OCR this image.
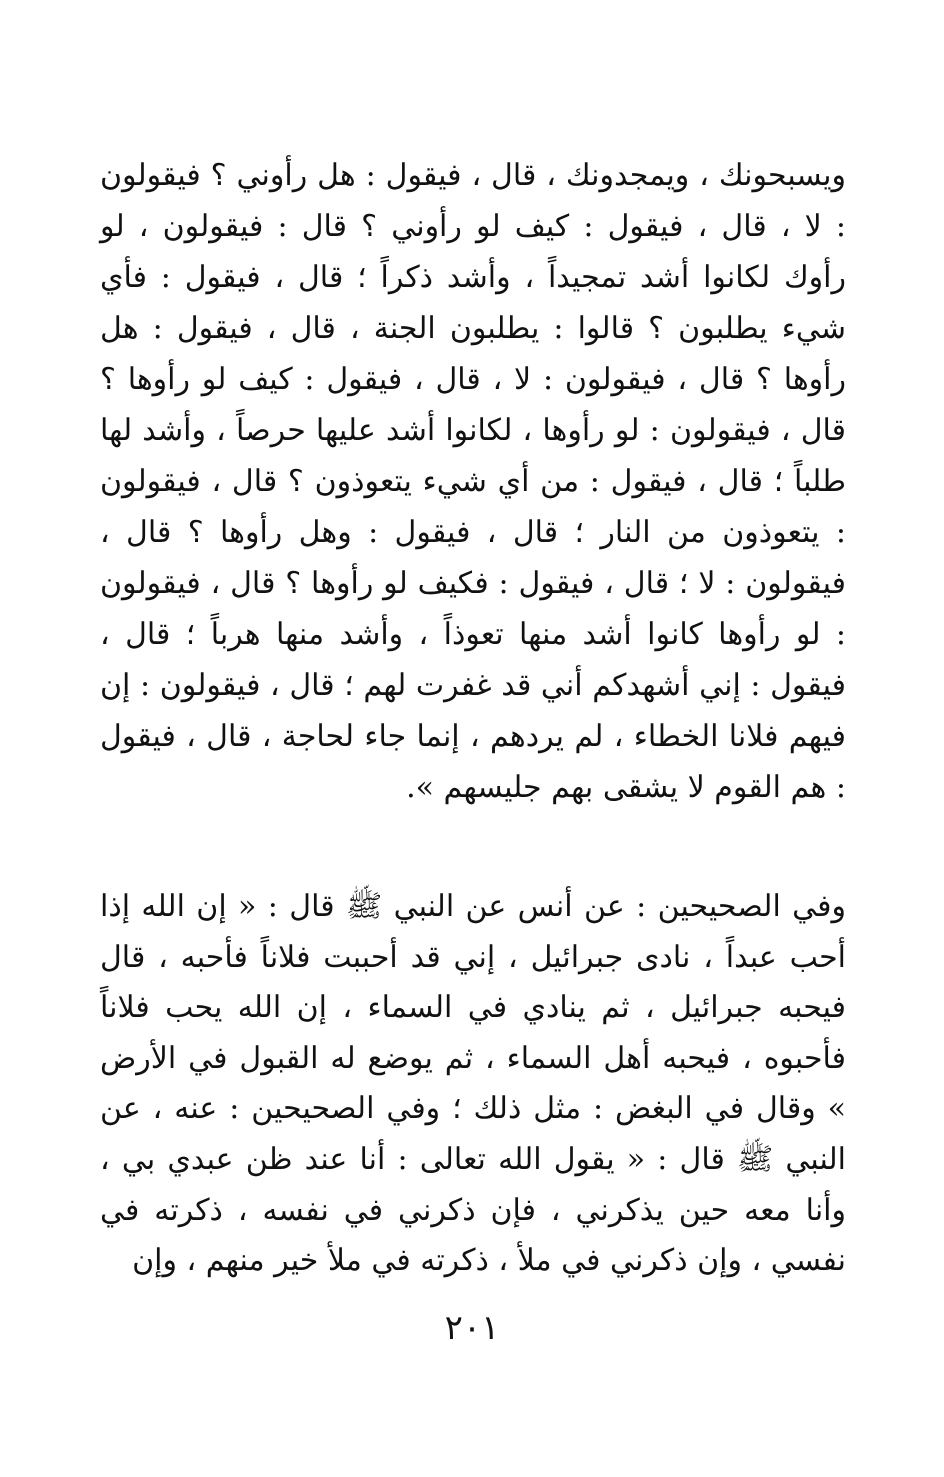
ويسبحونك ، ويمجدونك ، قال ، فيقول : هل رأوني ؟ فيقولون : لا ، قال ، فيقول : كيف لو رأوني ؟ قال : فيقولون ، لو رأوك لكانوا أشد تمجيداً ، وأشد ذكراً ؛ قال ، فيقول : فأي شيء يطلبون ؟ قالوا : يطلبون الجنة ، قال ، فيقول : هل رأوها ؟ قال ، فيقولون : لا ، قال ، فيقول : كيف لو رأوها ؟ قال ، فيقولون : لو رأوها ، لكانوا أشد عليها حرصاً ، وأشد لها طلباً ؛ قال ، فيقول : من أي شيء يتعوذون ؟ قال ، فيقولون : يتعوذون من النار ؛ قال ، فيقول : وهل رأوها ؟ قال ، فيقولون : لا ؛ قال ، فيقول : فكيف لو رأوها ؟ قال ، فيقولون : لو رأوها كانوا أشد منها تعوذاً ، وأشد منها هرباً ؛ قال ، فيقول : إني أشهدكم أني قد غفرت لهم ؛ قال ، فيقولون : إن فيهم فلانا الخطاء ، لم يردهم ، إنما جاء لحاجة ، قال ، فيقول : هم القوم لا يشقى بهم جليسهم ».

وفي الصحيحين : عن أنس عن النبي ﷺ قال : « إن الله إذا أحب عبداً ، نادى جبرائيل ، إني قد أحببت فلاناً فأحبه ، قال فيحبه جبرائيل ، ثم ينادي في السماء ، إن الله يحب فلاناً فأحبوه ، فيحبه أهل السماء ، ثم يوضع له القبول في الأرض » وقال في البغض : مثل ذلك ؛ وفي الصحيحين : عنه ، عن النبي ﷺ قال : « يقول الله تعالى : أنا عند ظن عبدي بي ، وأنا معه حين يذكرني ، فإن ذكرني في نفسه ، ذكرته في نفسي ، وإن ذكرني في ملأ ، ذكرته في ملأ خير منهم ، وإن

٢٠١
